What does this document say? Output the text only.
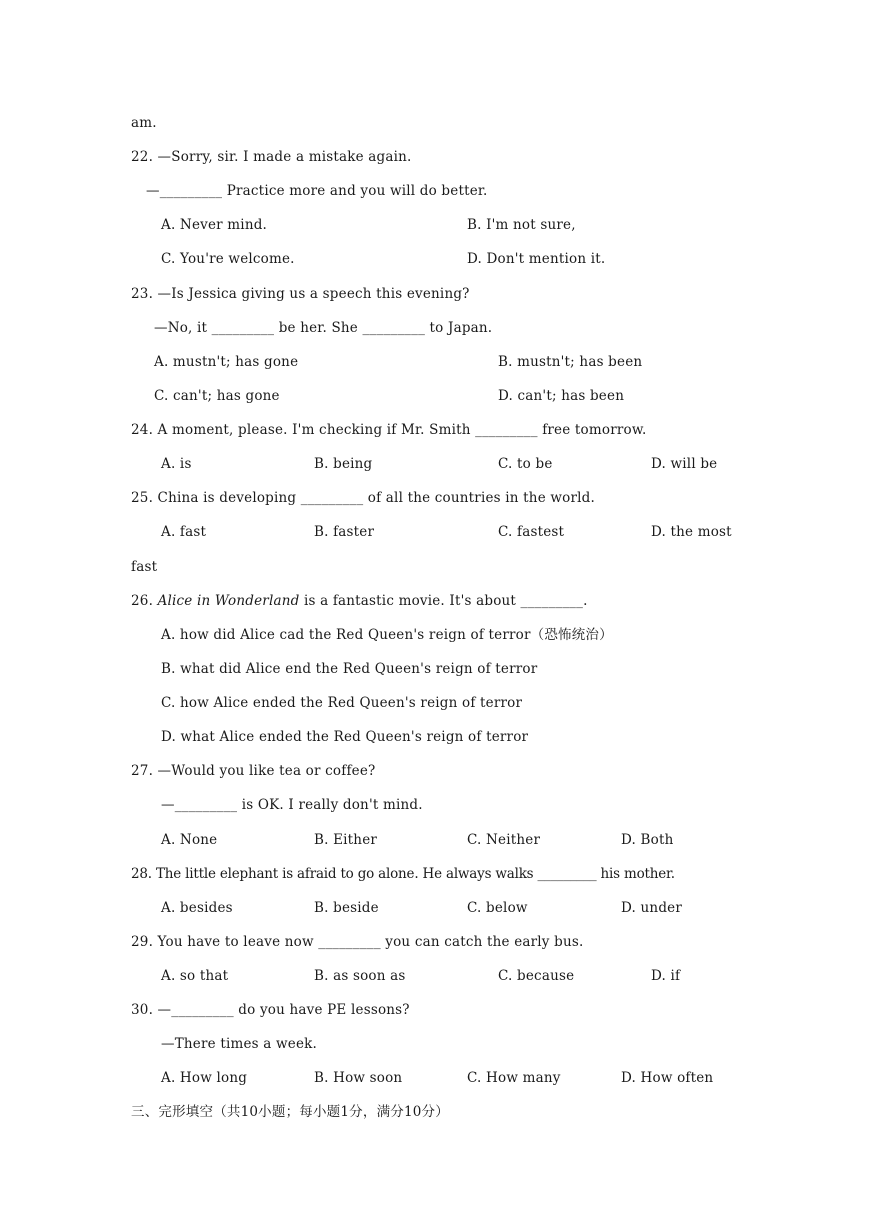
am.
22. —Sorry, sir. I made a mistake again.
—_________ Practice more and you will do better.
A. Never mind.	B. I'm not sure,
C. You're welcome.	D. Don't mention it.
23. —Is Jessica giving us a speech this evening?
—No, it _________ be her. She _________ to Japan.
A. mustn't; has gone	B. mustn't; has been
C. can't; has gone	D. can't; has been
24. A moment, please. I'm checking if Mr. Smith _________ free tomorrow.
A. is	B. being	C. to be	D. will be
25. China is developing _________ of all the countries in the world.
A. fast	B. faster	C. fastest	D. the most
fast
26. Alice in Wonderland is a fantastic movie. It's about _________.
A. how did Alice cad the Red Queen's reign of terror（恐怖统治）
B. what did Alice end the Red Queen's reign of terror
C. how Alice ended the Red Queen's reign of terror
D. what Alice ended the Red Queen's reign of terror
27. —Would you like tea or coffee?
—_________ is OK. I really don't mind.
A. None	B. Either	C. Neither	D. Both
28. The little elephant is afraid to go alone. He always walks _________ his mother.
A. besides	B. beside	C. below	D. under
29. You have to leave now _________ you can catch the early bus.
A. so that	B. as soon as	C. because	D. if
30. —_________ do you have PE lessons?
—There times a week.
A. How long	B. How soon	C. How many	D. How often
三、完形填空（共10小题；每小题1分，满分10分）
